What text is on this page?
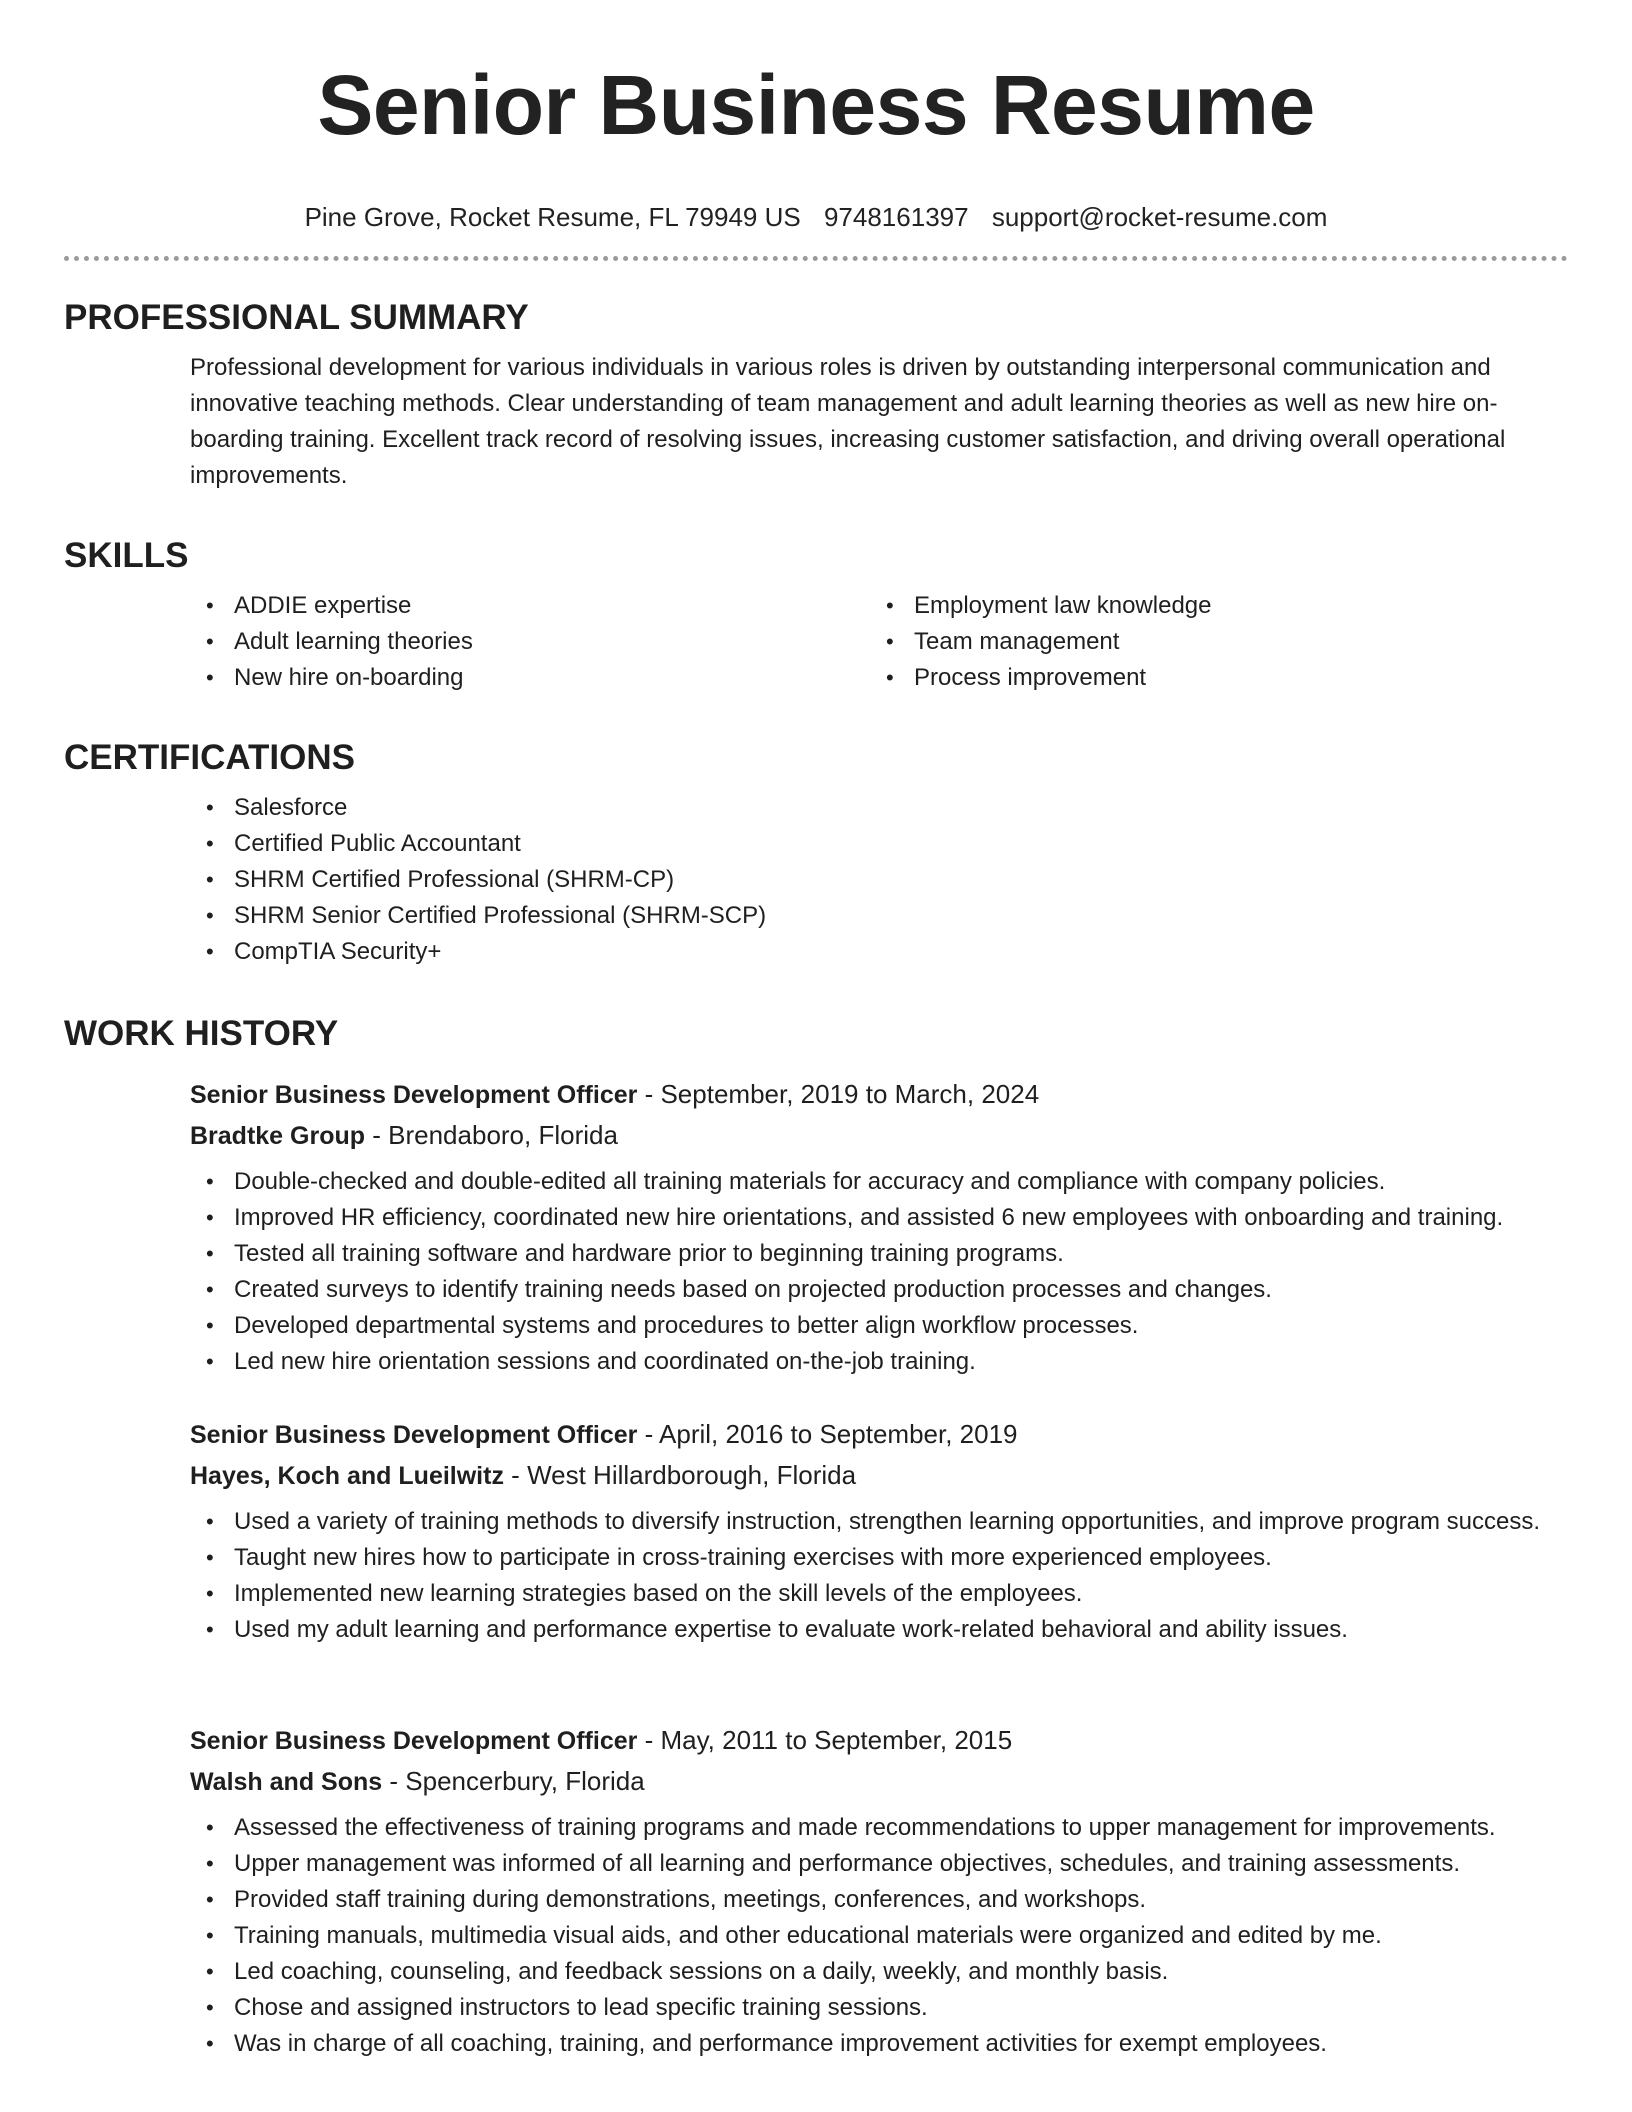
Senior Business Resume
Pine Grove, Rocket Resume, FL 79949 US 9748161397 support@rocket-resume.com
PROFESSIONAL SUMMARY

Professional development for various individuals in various roles is driven by outstanding interpersonal communication and innovative teaching methods. Clear understanding of team management and adult learning theories as well as new hire on-boarding training. Excellent track record of resolving issues, increasing customer satisfaction, and driving overall operational improvements.

SKILLS
• ADDIE expertise
• Adult learning theories
• New hire on-boarding
• Employment law knowledge
• Team management
• Process improvement
CERTIFICATIONS
• Salesforce
• Certified Public Accountant
• SHRM Certified Professional (SHRM-CP)
• SHRM Senior Certified Professional (SHRM-SCP)
• CompTIA Security+
WORK HISTORY
Senior Business Development Officer - September, 2019 to March, 2024
Bradtke Group - Brendaboro, Florida
• Double-checked and double-edited all training materials for accuracy and compliance with company policies.
• Improved HR efficiency, coordinated new hire orientations, and assisted 6 new employees with onboarding and training.
• Tested all training software and hardware prior to beginning training programs.
• Created surveys to identify training needs based on projected production processes and changes.
• Developed departmental systems and procedures to better align workflow processes.
• Led new hire orientation sessions and coordinated on-the-job training.
Senior Business Development Officer - April, 2016 to September, 2019
Hayes, Koch and Lueilwitz - West Hillardborough, Florida
• Used a variety of training methods to diversify instruction, strengthen learning opportunities, and improve program success.
• Taught new hires how to participate in cross-training exercises with more experienced employees.
• Implemented new learning strategies based on the skill levels of the employees.
• Used my adult learning and performance expertise to evaluate work-related behavioral and ability issues.
Senior Business Development Officer - May, 2011 to September, 2015
Walsh and Sons - Spencerbury, Florida
• Assessed the effectiveness of training programs and made recommendations to upper management for improvements.
• Upper management was informed of all learning and performance objectives, schedules, and training assessments.
• Provided staff training during demonstrations, meetings, conferences, and workshops.
• Training manuals, multimedia visual aids, and other educational materials were organized and edited by me.
• Led coaching, counseling, and feedback sessions on a daily, weekly, and monthly basis.
• Chose and assigned instructors to lead specific training sessions.
• Was in charge of all coaching, training, and performance improvement activities for exempt employees.
